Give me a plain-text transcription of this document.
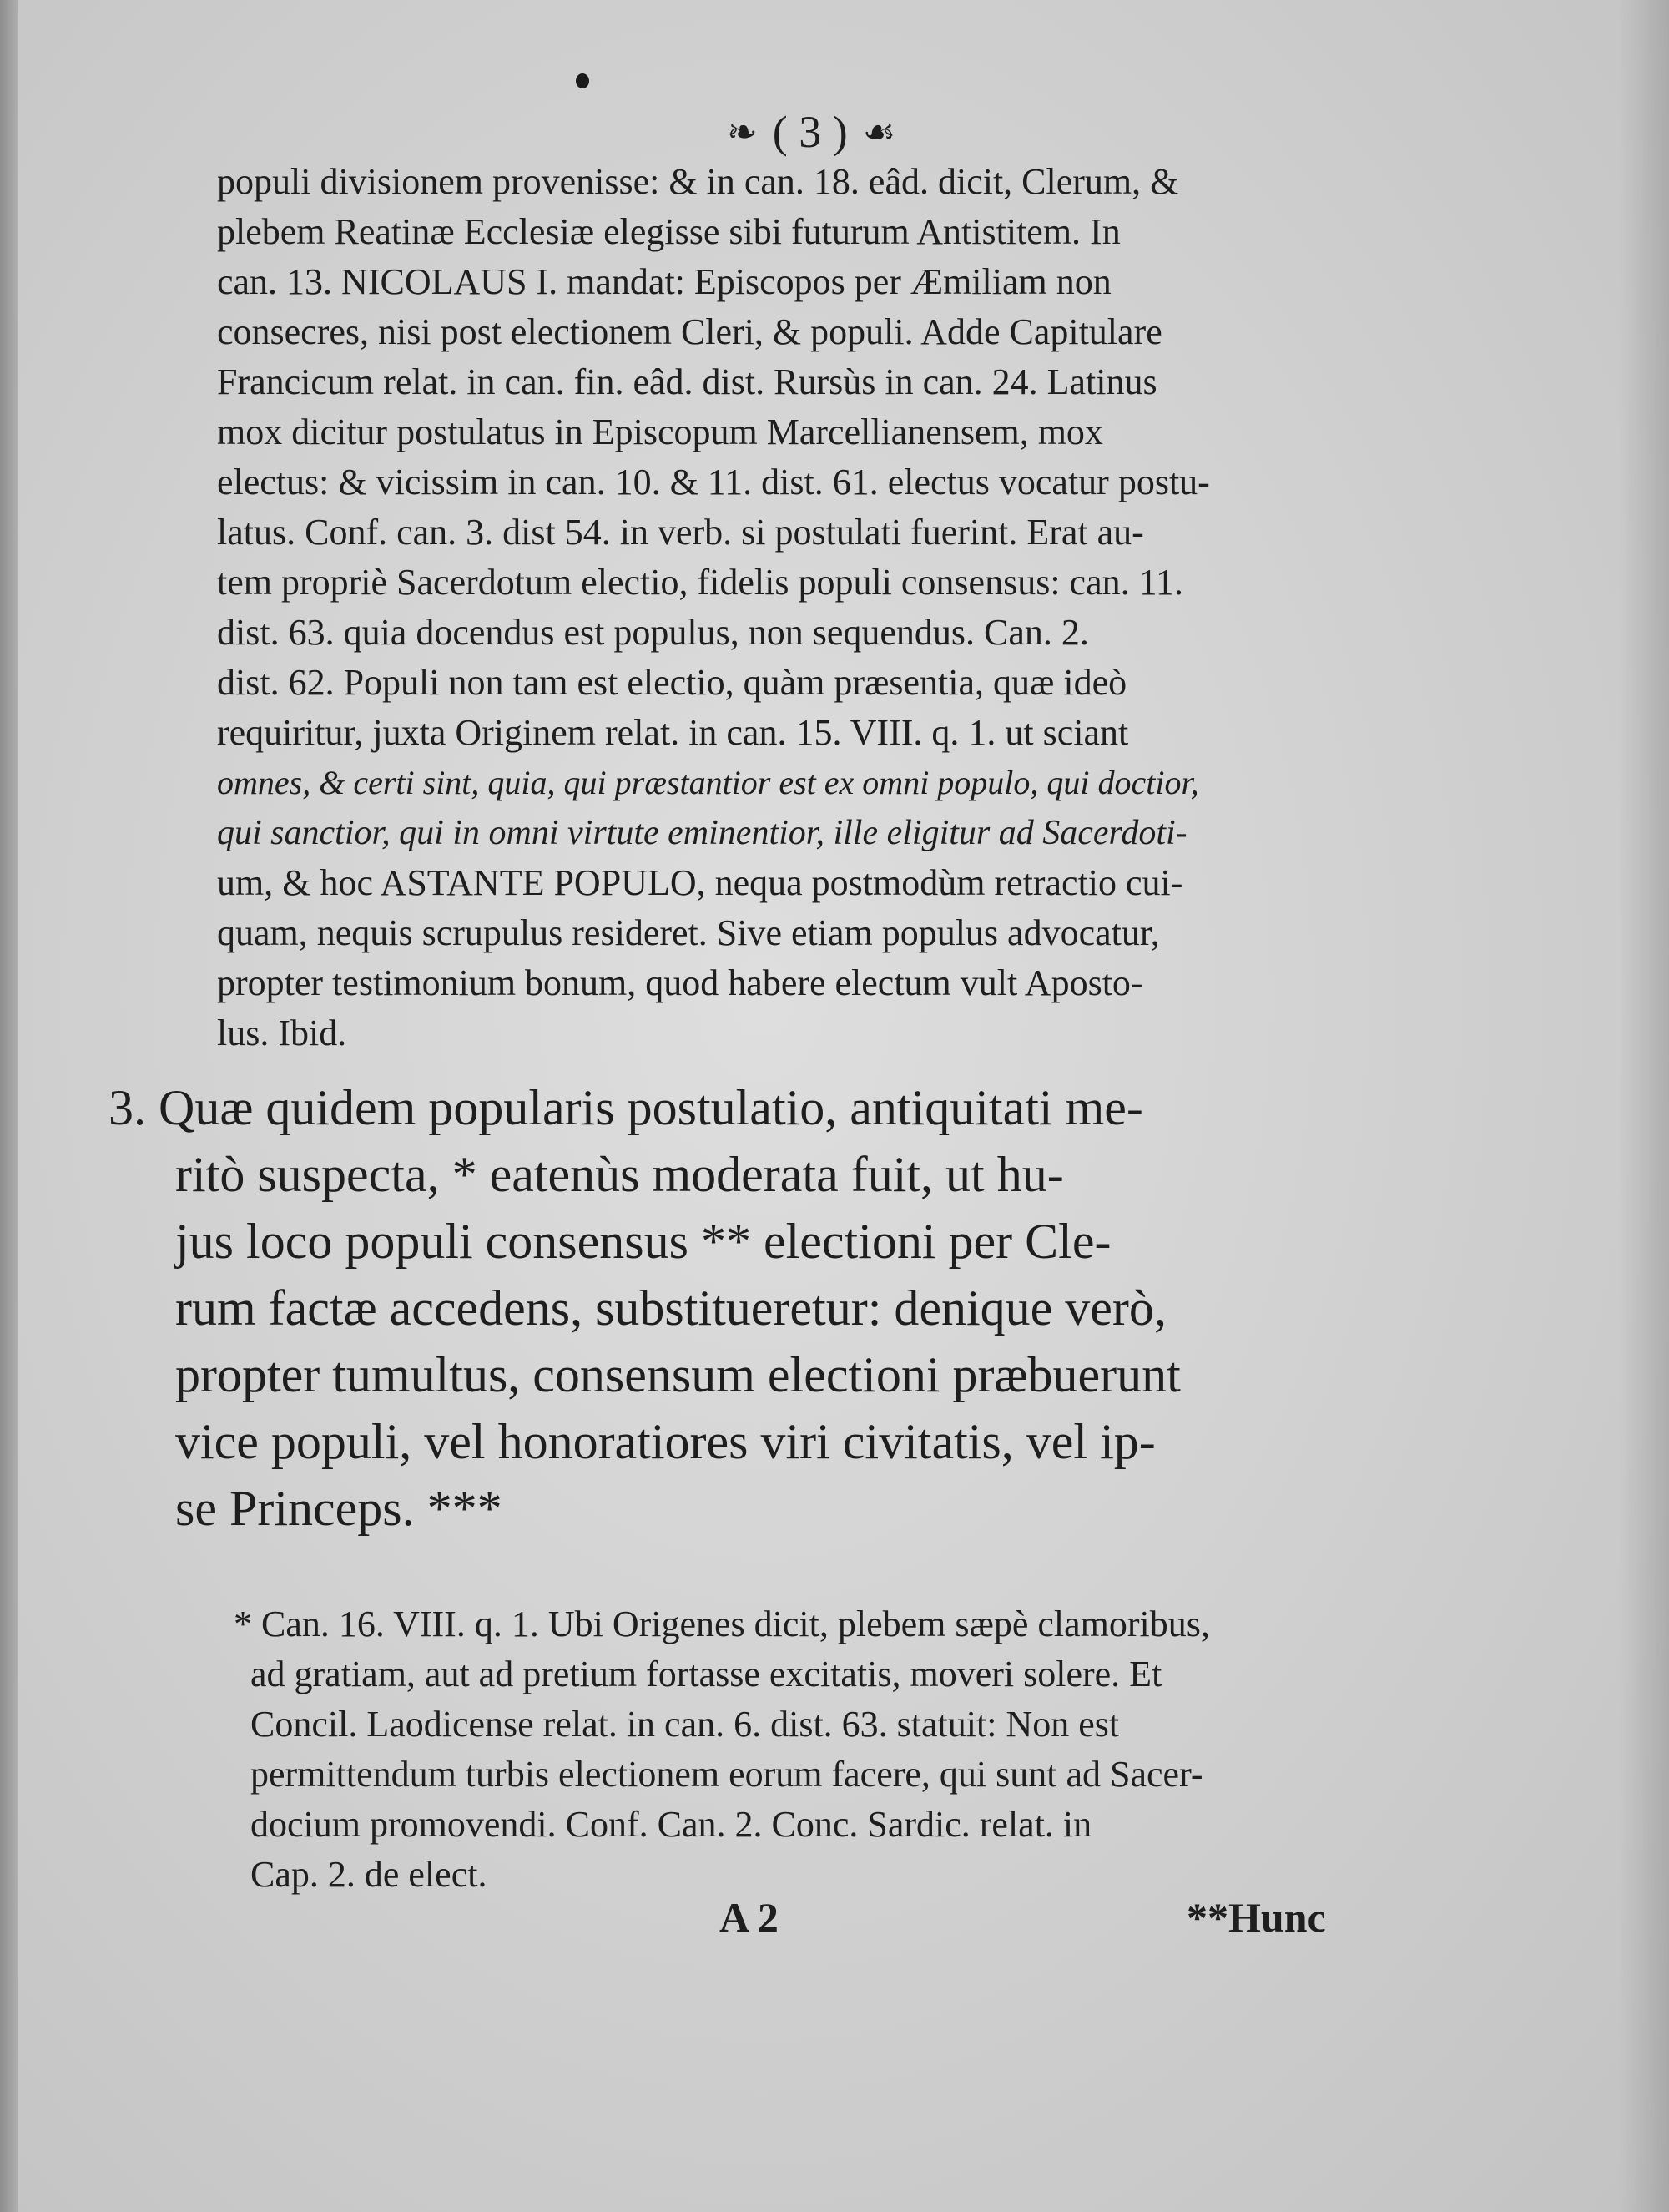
❧ ( 3 ) ☙
populi divisionem provenisse: & in can. 18. eâd. dicit, Clerum, &
plebem Reatinæ Ecclesiæ elegisse sibi futurum Antistitem. In
can. 13. NICOLAUS I. mandat: Episcopos per Æmiliam non
consecres, nisi post electionem Cleri, & populi. Adde Capitulare
Francicum relat. in can. fin. eâd. dist. Rursùs in can. 24. Latinus
mox dicitur postulatus in Episcopum Marcellianensem, mox
electus: & vicissim in can. 10. & 11. dist. 61. electus vocatur postu-
latus. Conf. can. 3. dist 54. in verb. si postulati fuerint. Erat au-
tem propriè Sacerdotum electio, fidelis populi consensus: can. 11.
dist. 63. quia docendus est populus, non sequendus. Can. 2.
dist. 62. Populi non tam est electio, quàm præsentia, quæ ideò
requiritur, juxta Originem relat. in can. 15. VIII. q. 1. ut sciant
omnes, & certi sint, quia, qui præstantior est ex omni populo, qui doctior,
qui sanctior, qui in omni virtute eminentior, ille eligitur ad Sacerdoti-
um, & hoc ASTANTE POPULO, nequa postmodùm retractio cui-
quam, nequis scrupulus resideret. Sive etiam populus advocatur,
propter testimonium bonum, quod habere electum vult Aposto-
lus. Ibid.
3. Quæ quidem popularis postulatio, antiquitati me-
ritò suspecta, * eatenùs moderata fuit, ut hu-
jus loco populi consensus ** electioni per Cle-
rum factæ accedens, substitueretur: denique verò,
propter tumultus, consensum electioni præbuerunt
vice populi, vel honoratiores viri civitatis, vel ip-
se Princeps. ***
* Can. 16. VIII. q. 1. Ubi Origenes dicit, plebem sæpè clamoribus,
ad gratiam, aut ad pretium fortasse excitatis, moveri solere. Et
Concil. Laodicense relat. in can. 6. dist. 63. statuit: Non est
permittendum turbis electionem eorum facere, qui sunt ad Sacer-
docium promovendi. Conf. Can. 2. Conc. Sardic. relat. in
Cap. 2. de elect.
A 2	**Hunc
